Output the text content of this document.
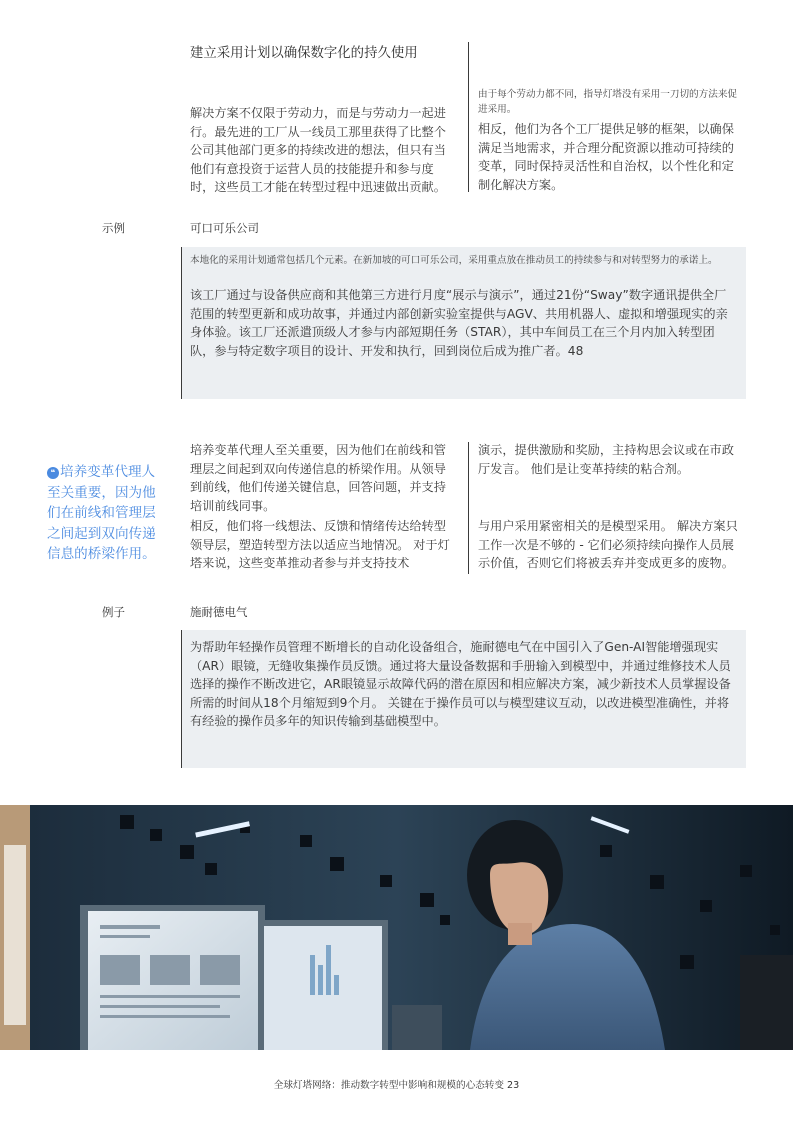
建立采用计划以确保数字化的持久使用
解决方案不仅限于劳动力，而是与劳动力一起进行。最先进的工厂从一线员工那里获得了比整个公司其他部门更多的持续改进的想法，但只有当他们有意投资于运营人员的技能提升和参与度时，这些员工才能在转型过程中迅速做出贡献。
由于每个劳动力都不同，指导灯塔没有采用一刀切的方法来促进采用。
相反，他们为各个工厂提供足够的框架，以确保满足当地需求，并合理分配资源以推动可持续的变革，同时保持灵活性和自治权，以个性化和定制化解决方案。
示例	可口可乐公司
本地化的采用计划通常包括几个元素。在新加坡的可口可乐公司，采用重点放在推动员工的持续参与和对转型努力的承诺上。
该工厂通过与设备供应商和其他第三方进行月度“展示与演示”，通过21份“Sway”数字通讯提供全厂范围的转型更新和成功故事，并通过内部创新实验室提供与AGV、共用机器人、虚拟和增强现实的亲身体验。该工厂还派遣顶级人才参与内部短期任务（STAR），其中车间员工在三个月内加入转型团队，参与特定数字项目的设计、开发和执行，回到岗位后成为推广者。48
❝ 培养变革代理人至关重要，因为他们在前线和管理层之间起到双向传递信息的桥梁作用。
培养变革代理人至关重要，因为他们在前线和管理层之间起到双向传递信息的桥梁作用。从领导到前线，他们传递关键信息，回答问题，并支持培训前线同事。
相反，他们将一线想法、反馈和情绪传达给转型领导层，塑造转型方法以适应当地情况。 对于灯塔来说，这些变革推动者参与并支持技术
演示，提供激励和奖励，主持构思会议或在市政厅发言。 他们是让变革持续的粘合剂。
与用户采用紧密相关的是模型采用。 解决方案只工作一次是不够的 - 它们必须持续向操作人员展示价值，否则它们将被丢弃并变成更多的废物。
例子	施耐德电气
为帮助年轻操作员管理不断增长的自动化设备组合，施耐德电气在中国引入了Gen-AI智能增强现实（AR）眼镜，无缝收集操作员反馈。通过将大量设备数据和手册输入到模型中，并通过维修技术人员选择的操作不断改进它，AR眼镜显示故障代码的潜在原因和相应解决方案，减少新技术人员掌握设备所需的时间从18个月缩短到9个月。 关键在于操作员可以与模型建议互动，以改进模型准确性，并将有经验的操作员多年的知识传输到基础模型中。
全球灯塔网络：推动数字转型中影响和规模的心态转变 23
